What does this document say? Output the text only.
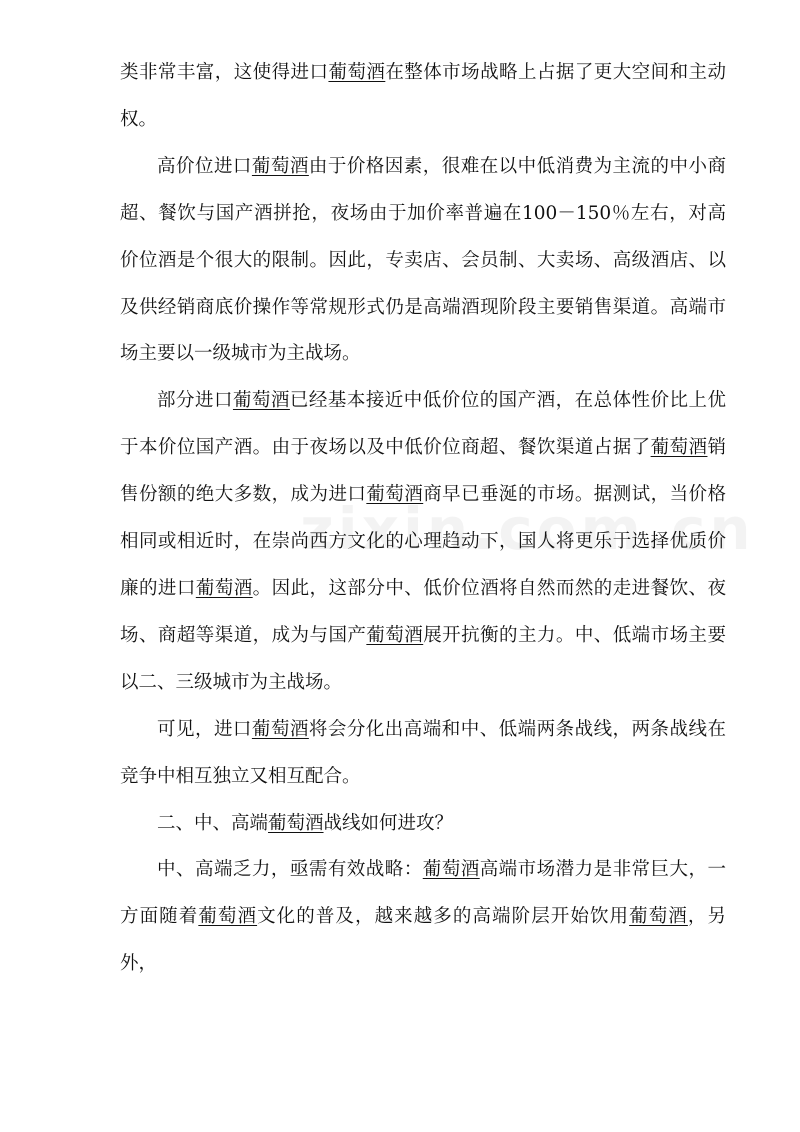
类非常丰富，这使得进口葡萄酒在整体市场战略上占据了更大空间和主动权。

高价位进口葡萄酒由于价格因素，很难在以中低消费为主流的中小商超、餐饮与国产酒拼抢，夜场由于加价率普遍在100－150％左右，对高价位酒是个很大的限制。因此，专卖店、会员制、大卖场、高级酒店、以及供经销商底价操作等常规形式仍是高端酒现阶段主要销售渠道。高端市场主要以一级城市为主战场。

部分进口葡萄酒已经基本接近中低价位的国产酒，在总体性价比上优于本价位国产酒。由于夜场以及中低价位商超、餐饮渠道占据了葡萄酒销售份额的绝大多数，成为进口葡萄酒商早已垂涎的市场。据测试，当价格相同或相近时，在崇尚西方文化的心理趋动下，国人将更乐于选择优质价廉的进口葡萄酒。因此，这部分中、低价位酒将自然而然的走进餐饮、夜场、商超等渠道，成为与国产葡萄酒展开抗衡的主力。中、低端市场主要以二、三级城市为主战场。

可见，进口葡萄酒将会分化出高端和中、低端两条战线，两条战线在竞争中相互独立又相互配合。

二、中、高端葡萄酒战线如何进攻？

中、高端乏力，亟需有效战略：葡萄酒高端市场潜力是非常巨大，一方面随着葡萄酒文化的普及，越来越多的高端阶层开始饮用葡萄酒，另外，
